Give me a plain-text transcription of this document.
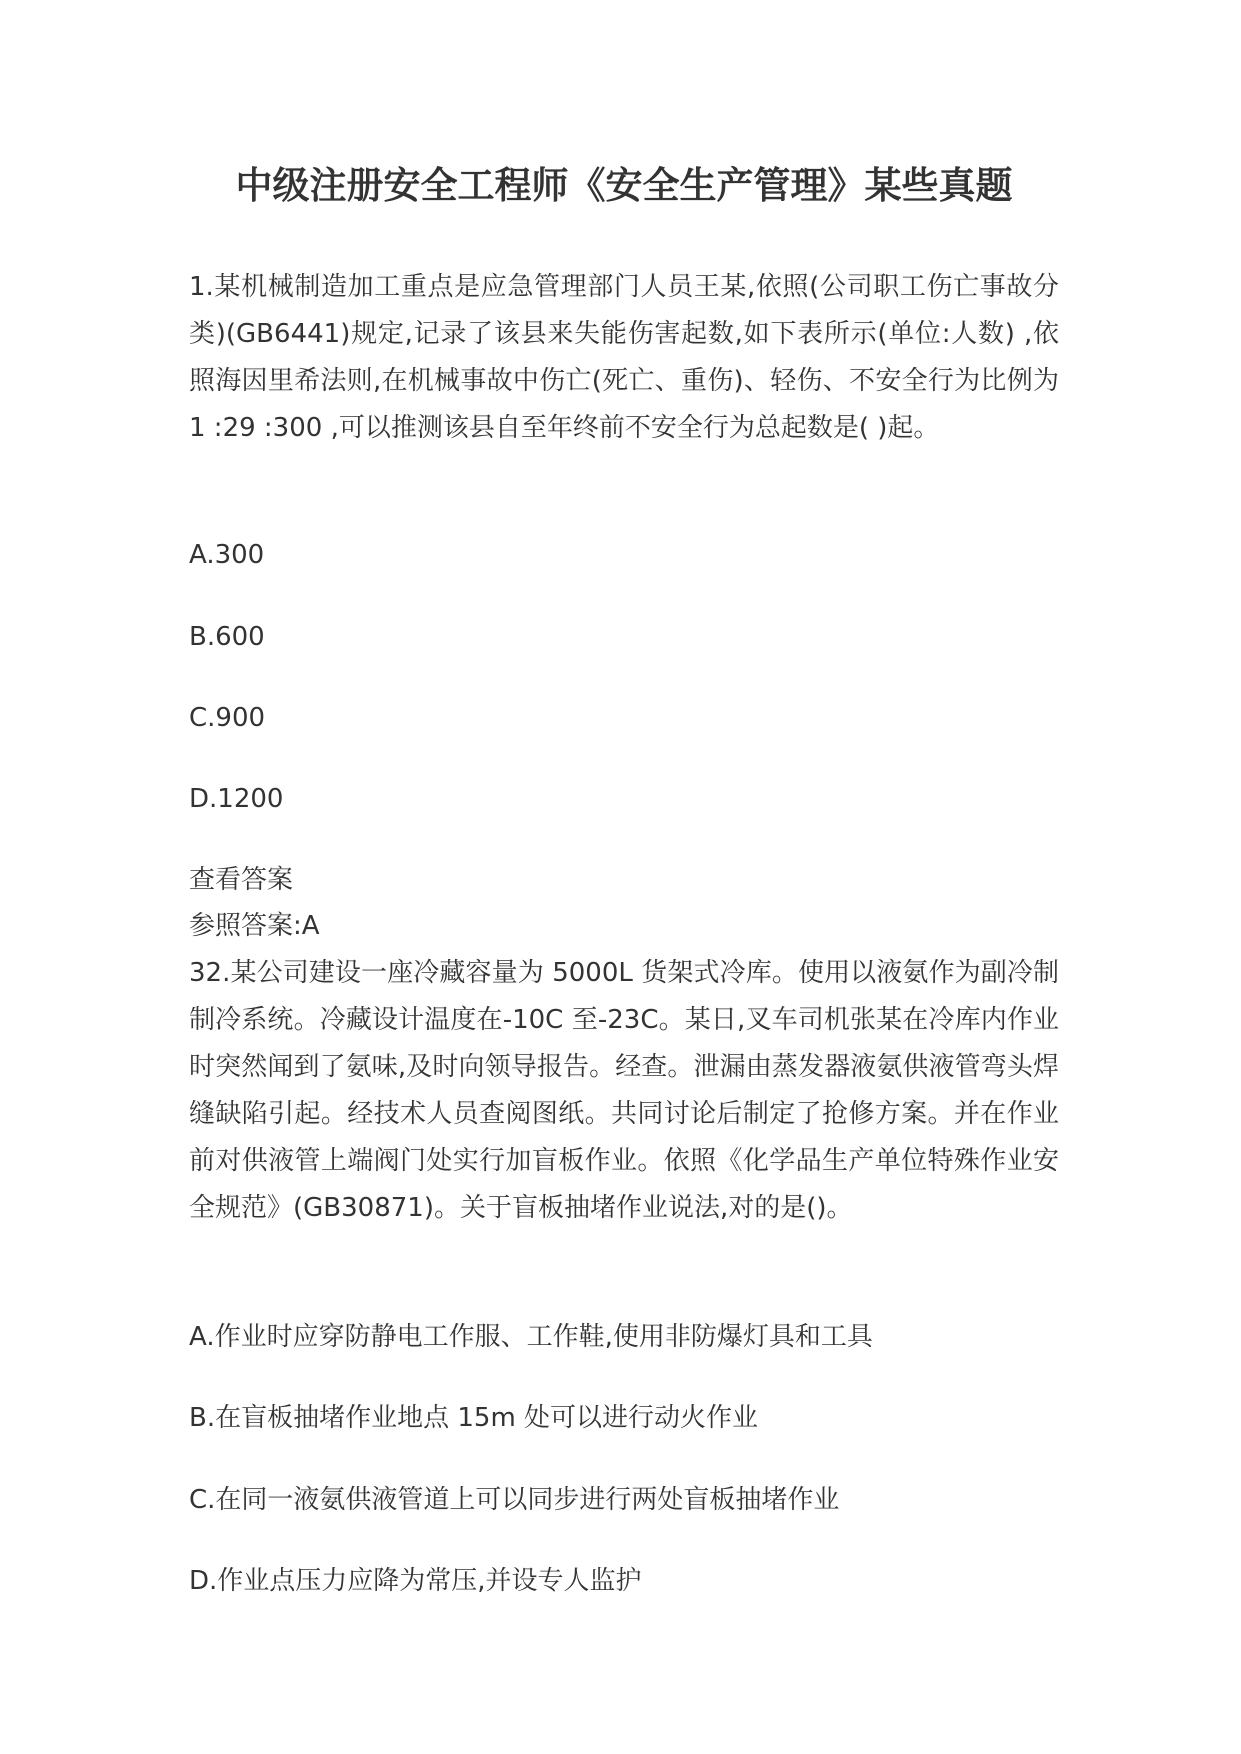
中级注册安全工程师《安全生产管理》某些真题
1.某机械制造加工重点是应急管理部门人员王某,依照(公司职工伤亡事故分类)(GB6441)规定,记录了该县来失能伤害起数,如下表所示(单位:人数) ,依照海因里希法则,在机械事故中伤亡(死亡、重伤)、轻伤、不安全行为比例为 1 :29 :300 ,可以推测该县自至年终前不安全行为总起数是( )起。
A.300
B.600
C.900
D.1200
查看答案
参照答案:A
32.某公司建设一座冷藏容量为 5000L 货架式冷库。使用以液氨作为副冷制制冷系统。冷藏设计温度在-10C 至-23C。某日,叉车司机张某在冷库内作业时突然闻到了氨味,及时向领导报告。经查。泄漏由蒸发器液氨供液管弯头焊缝缺陷引起。经技术人员查阅图纸。共同讨论后制定了抢修方案。并在作业前对供液管上端阀门处实行加盲板作业。依照《化学品生产单位特殊作业安全规范》(GB30871)。关于盲板抽堵作业说法,对的是()。
A.作业时应穿防静电工作服、工作鞋,使用非防爆灯具和工具
B.在盲板抽堵作业地点 15m 处可以进行动火作业
C.在同一液氨供液管道上可以同步进行两处盲板抽堵作业
D.作业点压力应降为常压,并设专人监护
